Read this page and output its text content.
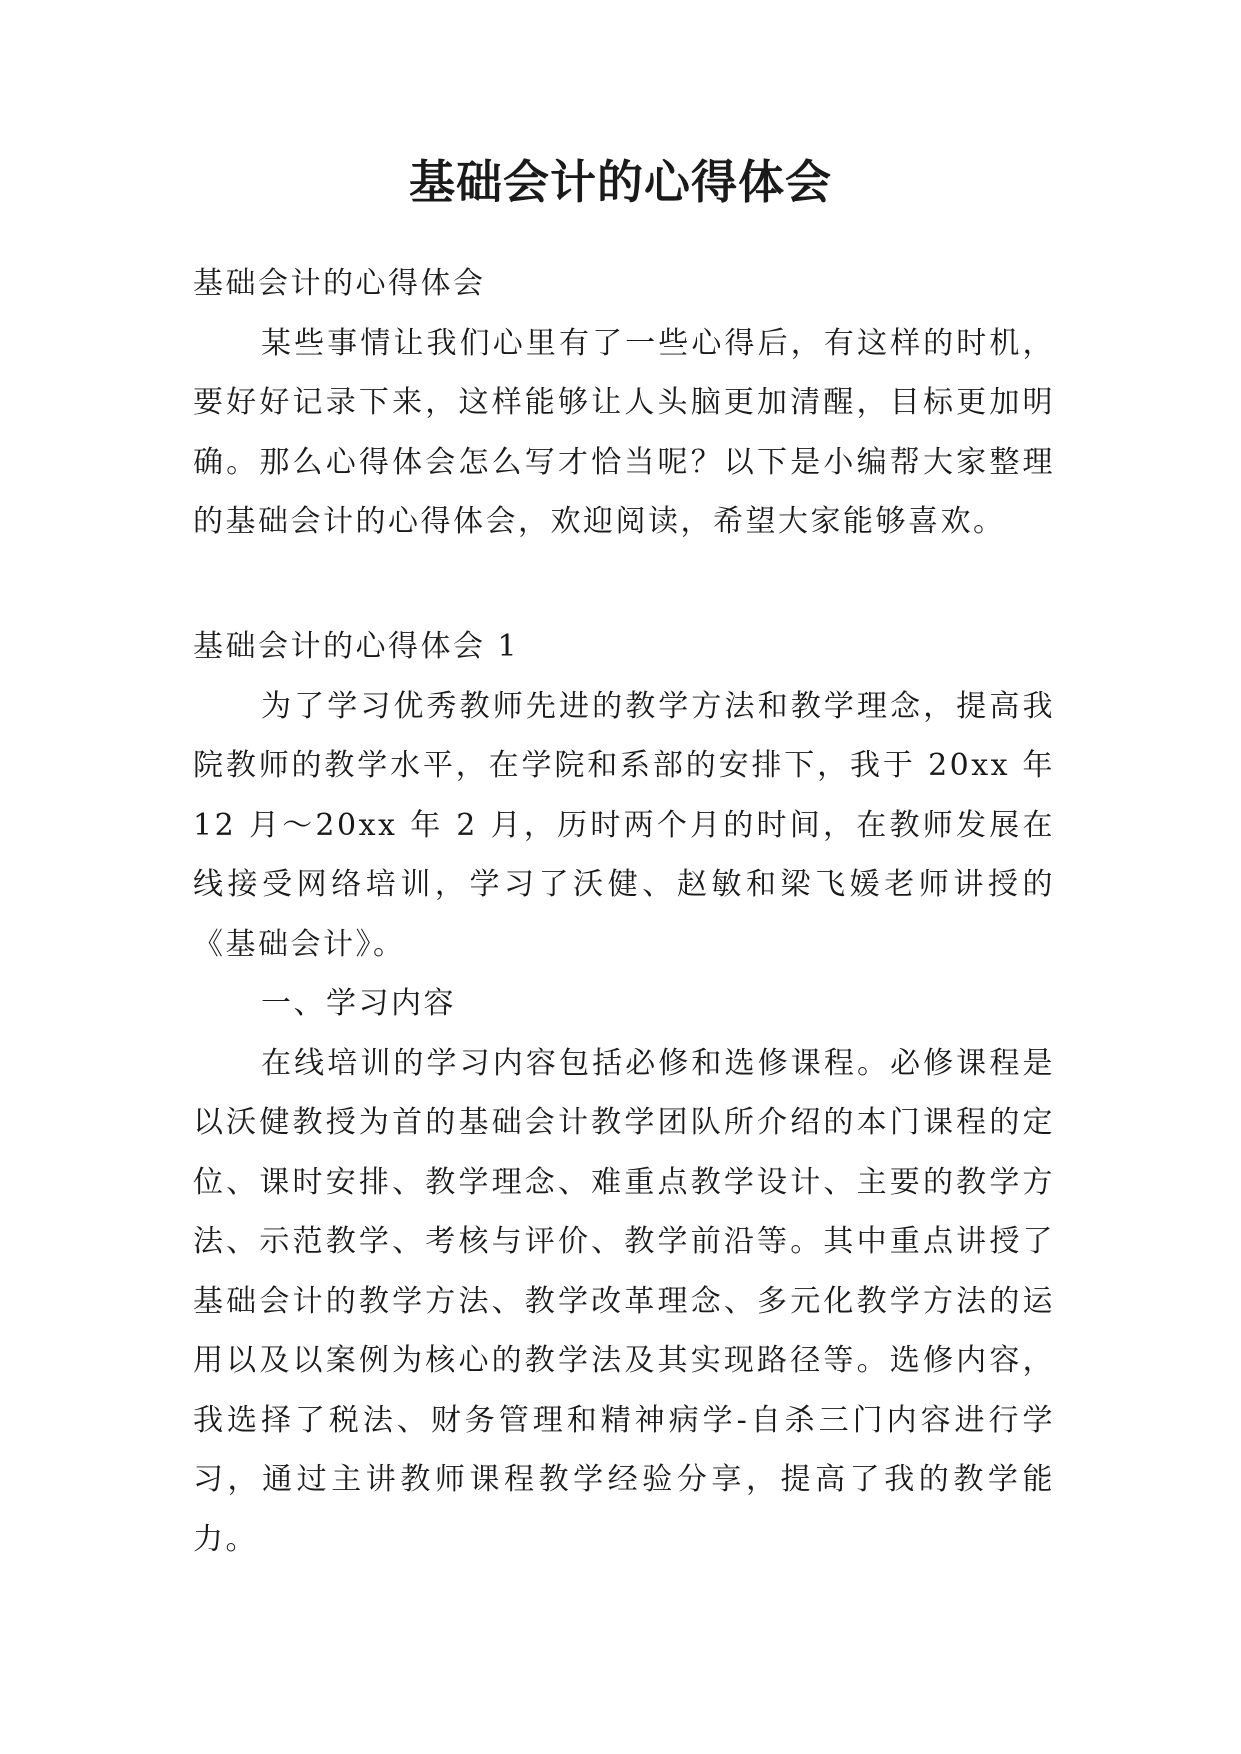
基础会计的心得体会

基础会计的心得体会

某些事情让我们心里有了一些心得后，有这样的时机，要好好记录下来，这样能够让人头脑更加清醒，目标更加明确。那么心得体会怎么写才恰当呢？以下是小编帮大家整理的基础会计的心得体会，欢迎阅读，希望大家能够喜欢。

基础会计的心得体会 1

为了学习优秀教师先进的教学方法和教学理念，提高我院教师的教学水平，在学院和系部的安排下，我于 20xx 年 12 月～20xx 年 2 月，历时两个月的时间，在教师发展在线接受网络培训，学习了沃健、赵敏和梁飞媛老师讲授的《基础会计》。

一、学习内容

在线培训的学习内容包括必修和选修课程。必修课程是以沃健教授为首的基础会计教学团队所介绍的本门课程的定位、课时安排、教学理念、难重点教学设计、主要的教学方法、示范教学、考核与评价、教学前沿等。其中重点讲授了基础会计的教学方法、教学改革理念、多元化教学方法的运用以及以案例为核心的教学法及其实现路径等。选修内容，我选择了税法、财务管理和精神病学-自杀三门内容进行学习，通过主讲教师课程教学经验分享，提高了我的教学能力。
